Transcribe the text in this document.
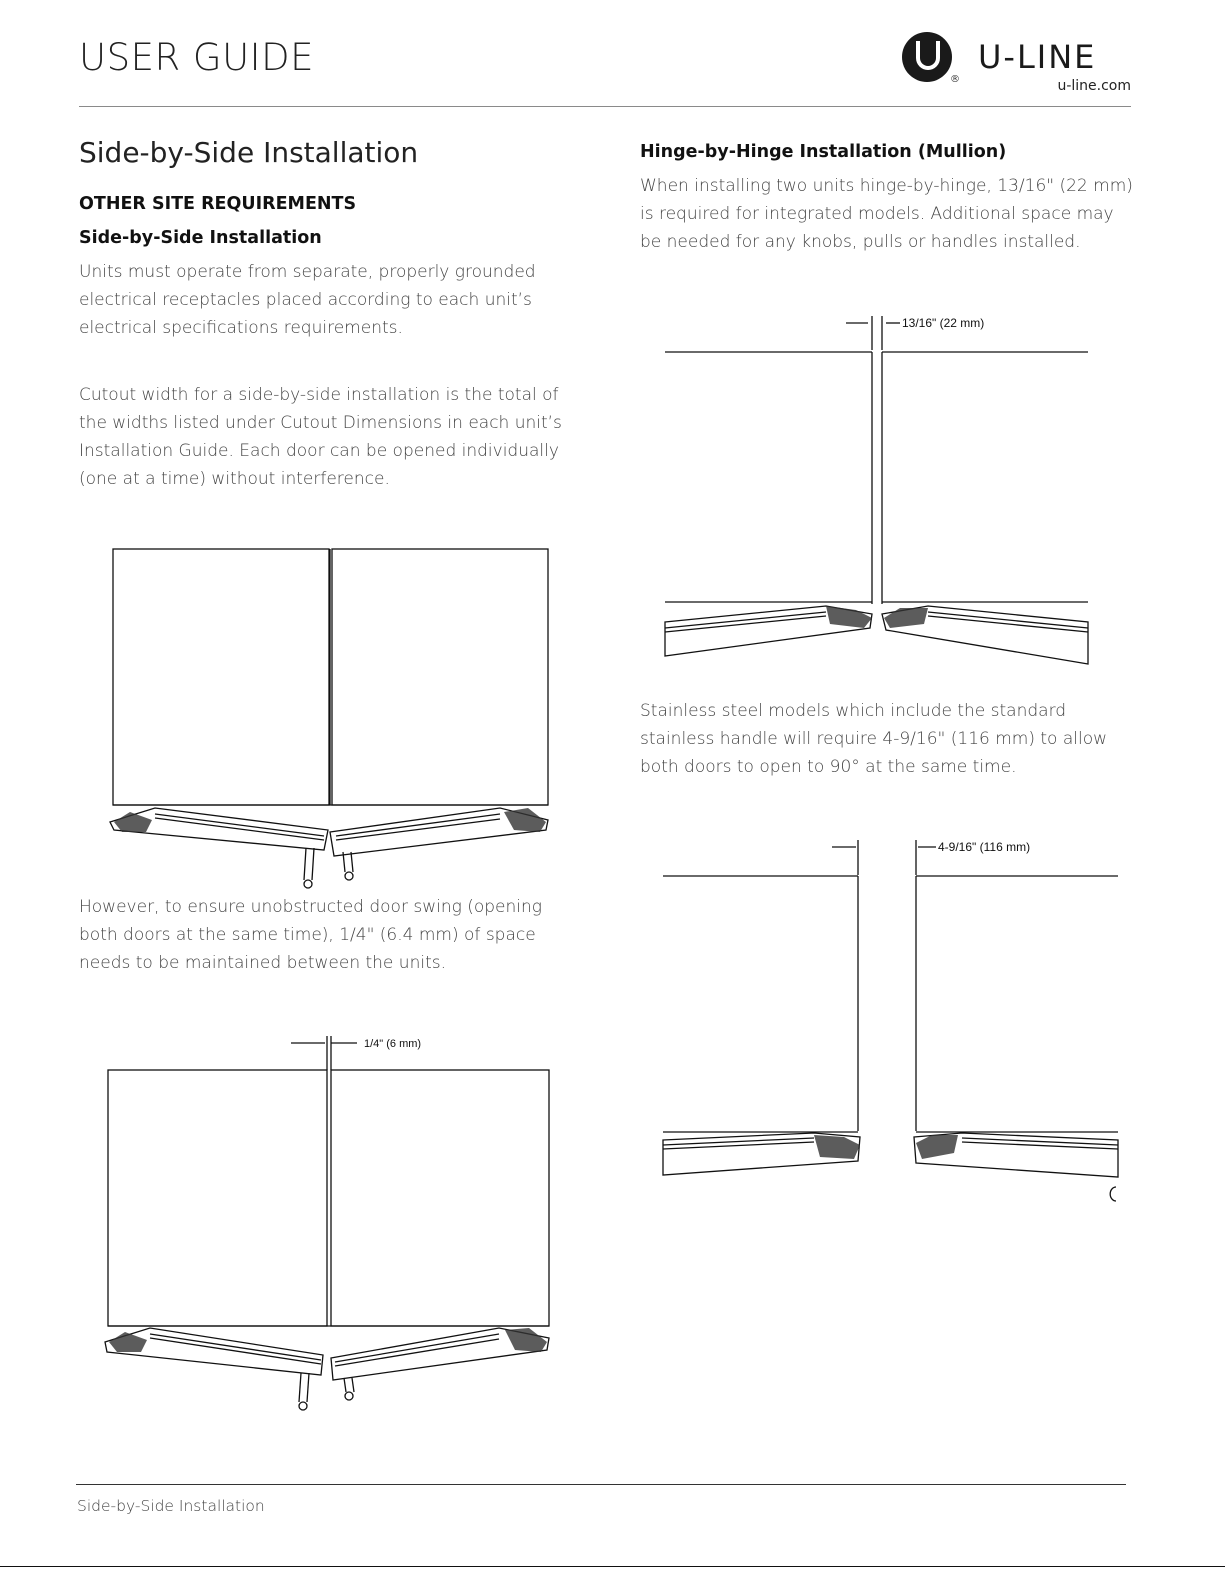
USER GUIDE
®
U-LINE
u-line.com
Side-by-Side Installation
OTHER SITE REQUIREMENTS
Side-by-Side Installation
Units must operate from separate, properly grounded electrical receptacles placed according to each unit’s electrical specifications requirements.
Cutout width for a side-by-side installation is the total of the widths listed under Cutout Dimensions in each unit’s Installation Guide. Each door can be opened individually (one at a time) without interference.
However, to ensure unobstructed door swing (opening both doors at the same time), 1/4" (6.4 mm) of space needs to be maintained between the units.
1/4" (6 mm)
Hinge-by-Hinge Installation (Mullion)
When installing two units hinge-by-hinge, 13/16" (22 mm) is required for integrated models. Additional space may be needed for any knobs, pulls or handles installed.
13/16" (22 mm)
Stainless steel models which include the standard stainless handle will require 4-9/16" (116 mm) to allow both doors to open to 90° at the same time.
4-9/16" (116 mm)
Side-by-Side Installation
